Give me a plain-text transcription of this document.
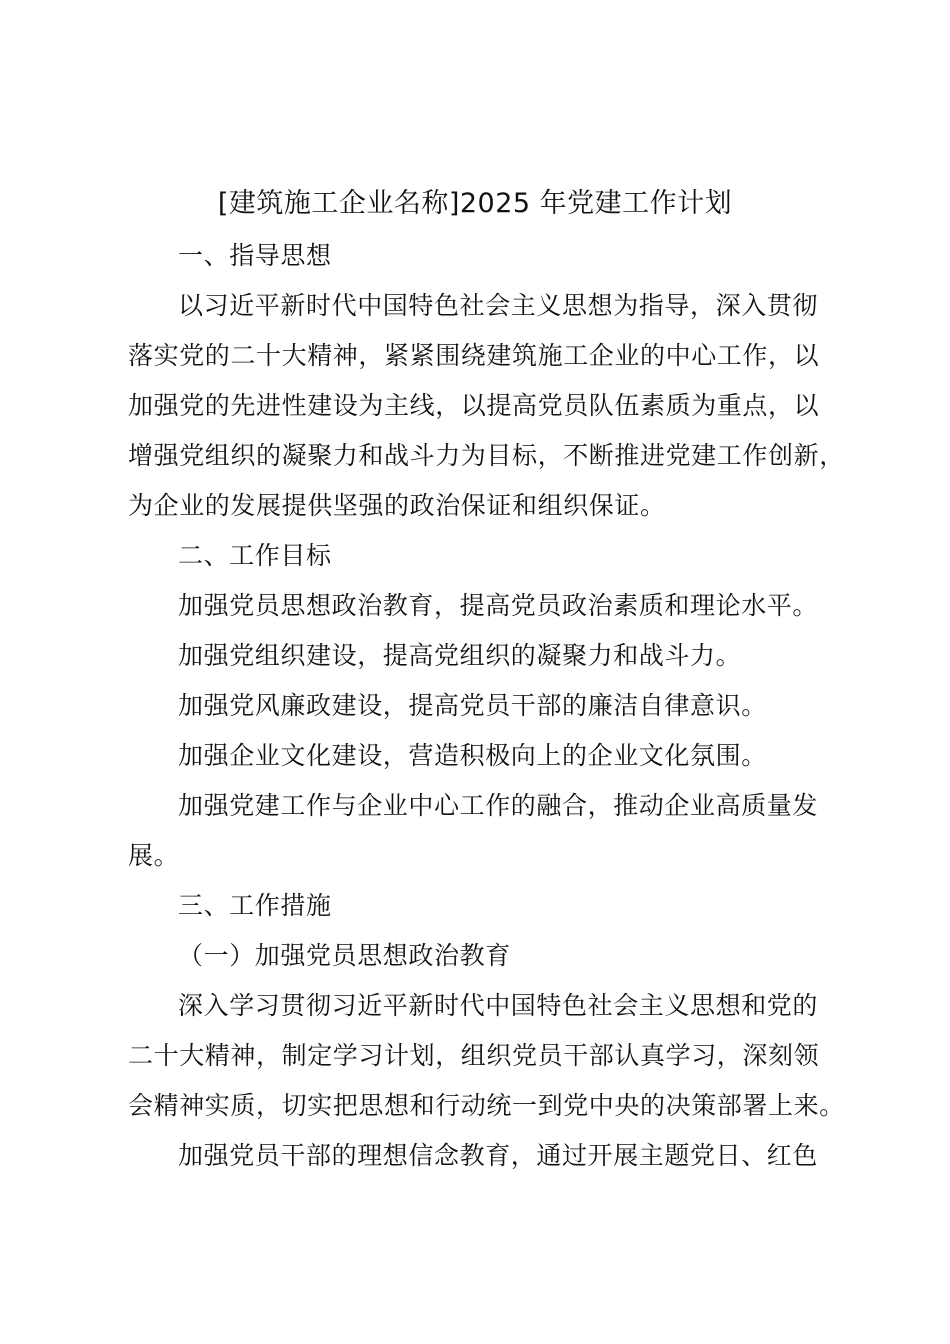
[建筑施工企业名称]2025 年党建工作计划
一、指导思想
以习近平新时代中国特色社会主义思想为指导，深入贯彻
落实党的二十大精神，紧紧围绕建筑施工企业的中心工作，以
加强党的先进性建设为主线，以提高党员队伍素质为重点，以
增强党组织的凝聚力和战斗力为目标，不断推进党建工作创新，
为企业的发展提供坚强的政治保证和组织保证。
二、工作目标
加强党员思想政治教育，提高党员政治素质和理论水平。
加强党组织建设，提高党组织的凝聚力和战斗力。
加强党风廉政建设，提高党员干部的廉洁自律意识。
加强企业文化建设，营造积极向上的企业文化氛围。
加强党建工作与企业中心工作的融合，推动企业高质量发
展。
三、工作措施
（一）加强党员思想政治教育
深入学习贯彻习近平新时代中国特色社会主义思想和党的
二十大精神，制定学习计划，组织党员干部认真学习，深刻领
会精神实质，切实把思想和行动统一到党中央的决策部署上来。
加强党员干部的理想信念教育，通过开展主题党日、红色
